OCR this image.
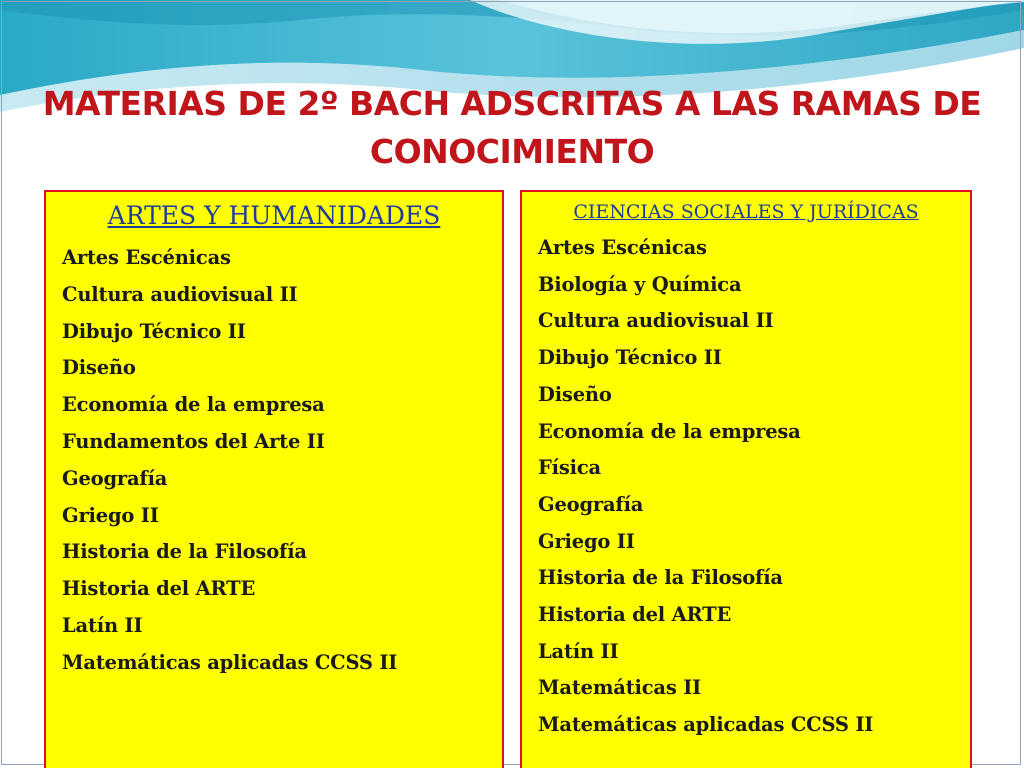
MATERIAS DE 2º BACH ADSCRITAS A LAS RAMAS DE CONOCIMIENTO
ARTES Y HUMANIDADES
Artes Escénicas
Cultura audiovisual II
Dibujo Técnico II
Diseño
Economía de la empresa
Fundamentos del Arte II
Geografía
Griego II
Historia de la Filosofía
Historia del ARTE
Latín II
Matemáticas aplicadas CCSS II
CIENCIAS SOCIALES Y JURÍDICAS
Artes Escénicas
Biología y Química
Cultura audiovisual II
Dibujo Técnico II
Diseño
Economía de la empresa
Física
Geografía
Griego II
Historia de la Filosofía
Historia del ARTE
Latín II
Matemáticas II
Matemáticas aplicadas CCSS II
